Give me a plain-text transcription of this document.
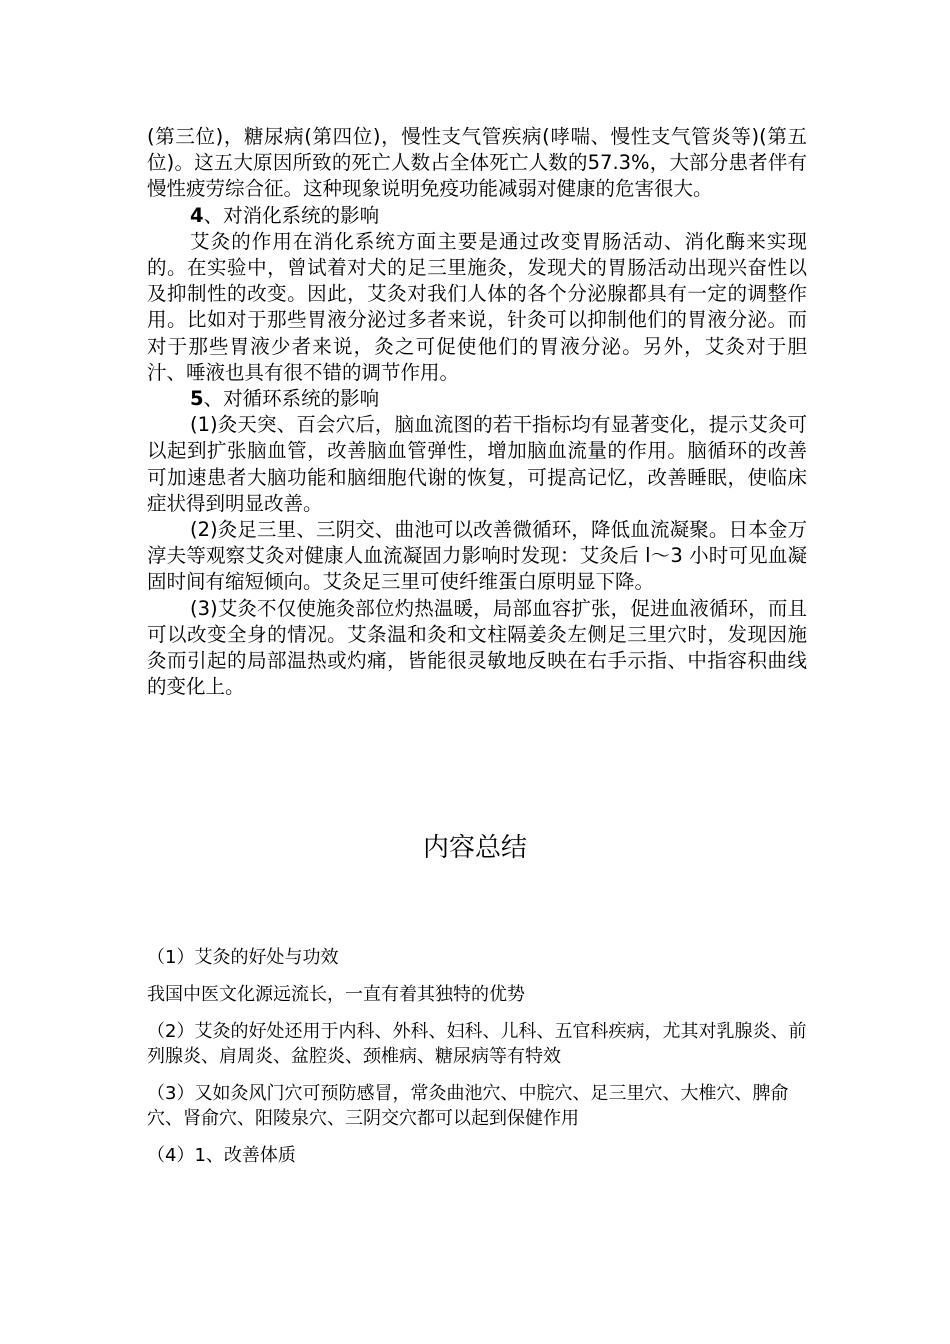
(第三位)，糖尿病(第四位)，慢性支气管疾病(哮喘、慢性支气管炎等)(第五位)。这五大原因所致的死亡人数占全体死亡人数的57.3%，大部分患者伴有慢性疲劳综合征。这种现象说明免疫功能减弱对健康的危害很大。

4、对消化系统的影响

艾灸的作用在消化系统方面主要是通过改变胃肠活动、消化酶来实现的。在实验中，曾试着对犬的足三里施灸，发现犬的胃肠活动出现兴奋性以及抑制性的改变。因此，艾灸对我们人体的各个分泌腺都具有一定的调整作用。比如对于那些胃液分泌过多者来说，针灸可以抑制他们的胃液分泌。而对于那些胃液少者来说，灸之可促使他们的胃液分泌。另外，艾灸对于胆汁、唾液也具有很不错的调节作用。

5、对循环系统的影响

(1)灸天突、百会穴后，脑血流图的若干指标均有显著变化，提示艾灸可以起到扩张脑血管，改善脑血管弹性，增加脑血流量的作用。脑循环的改善可加速患者大脑功能和脑细胞代谢的恢复，可提高记忆，改善睡眠，使临床症状得到明显改善。

(2)灸足三里、三阴交、曲池可以改善微循环，降低血流凝聚。日本金万淳夫等观察艾灸对健康人血流凝固力影响时发现：艾灸后 l～3 小时可见血凝固时间有缩短倾向。艾灸足三里可使纤维蛋白原明显下降。

(3)艾灸不仅使施灸部位灼热温暖，局部血容扩张，促进血液循环，而且可以改变全身的情况。艾条温和灸和文柱隔姜灸左侧足三里穴时，发现因施灸而引起的局部温热或灼痛，皆能很灵敏地反映在右手示指、中指容积曲线的变化上。

内容总结

（1）艾灸的好处与功效

我国中医文化源远流长，一直有着其独特的优势

（2）艾灸的好处还用于内科、外科、妇科、儿科、五官科疾病，尤其对乳腺炎、前列腺炎、肩周炎、盆腔炎、颈椎病、糖尿病等有特效

（3）又如灸风门穴可预防感冒，常灸曲池穴、中脘穴、足三里穴、大椎穴、脾俞穴、肾俞穴、阳陵泉穴、三阴交穴都可以起到保健作用

（4）1、改善体质
